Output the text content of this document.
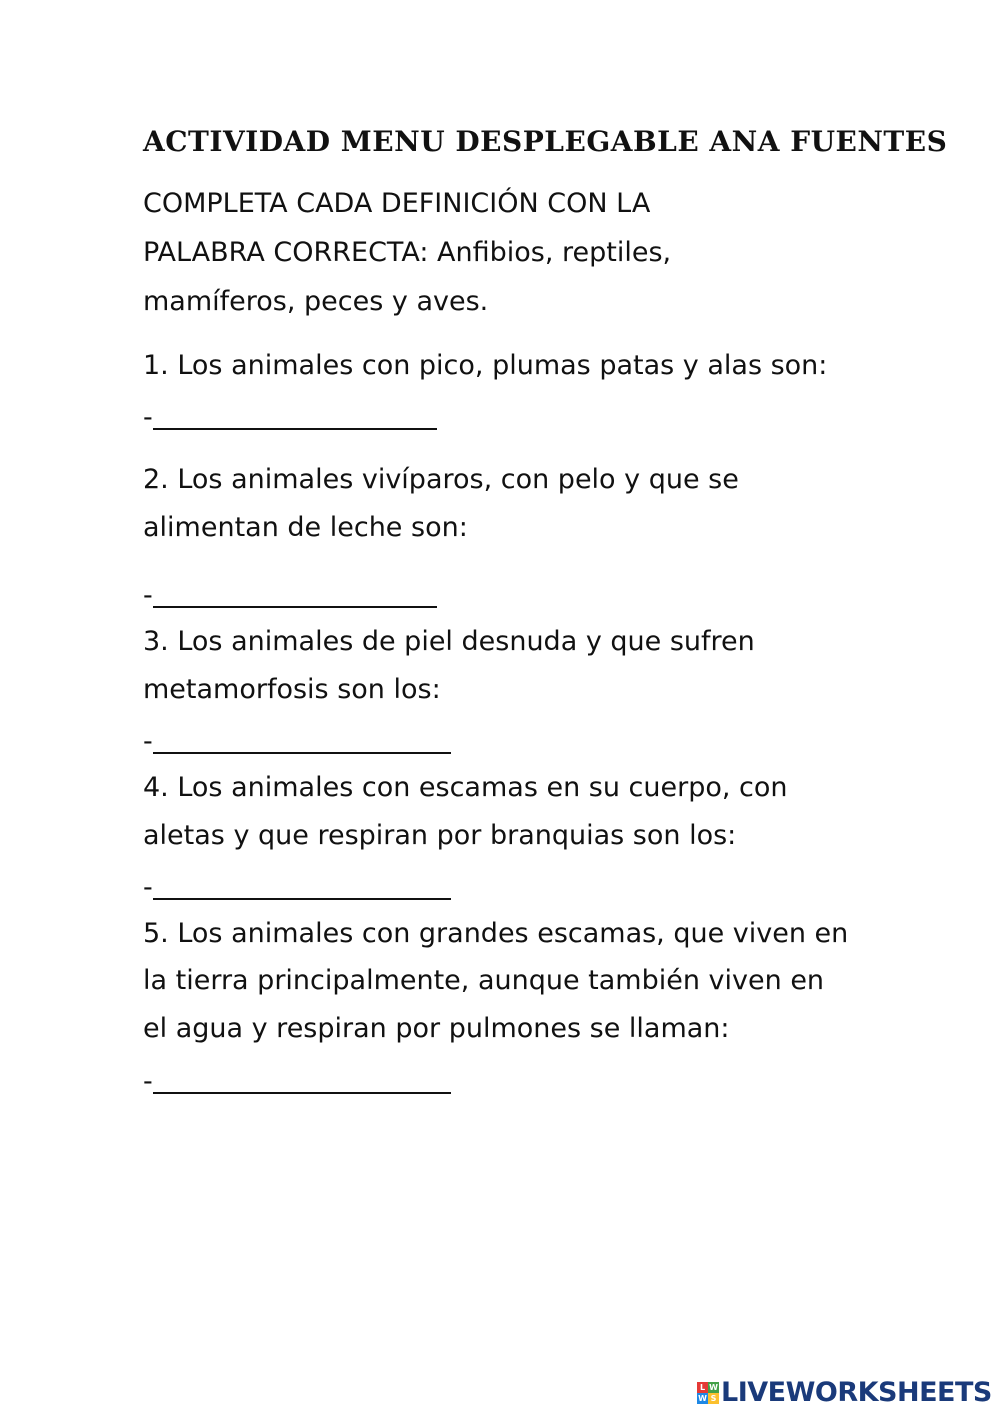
ACTIVIDAD MENU DESPLEGABLE ANA FUENTES
COMPLETA CADA DEFINICIÓN CON LA
PALABRA CORRECTA: Anfibios, reptiles,
mamíferos, peces y aves.
1. Los animales con pico, plumas patas y alas son:
-
2. Los animales vivíparos, con pelo y que se
alimentan de leche son:
-
3. Los animales de piel desnuda y que sufren
metamorfosis son los:
-
4. Los animales con escamas en su cuerpo, con
aletas y que respiran por branquias son los:
-
5. Los animales con grandes escamas, que viven en
la tierra principalmente, aunque también viven en
el agua y respiran por pulmones se llaman:
-
L W
W S LIVEWORKSHEETS
